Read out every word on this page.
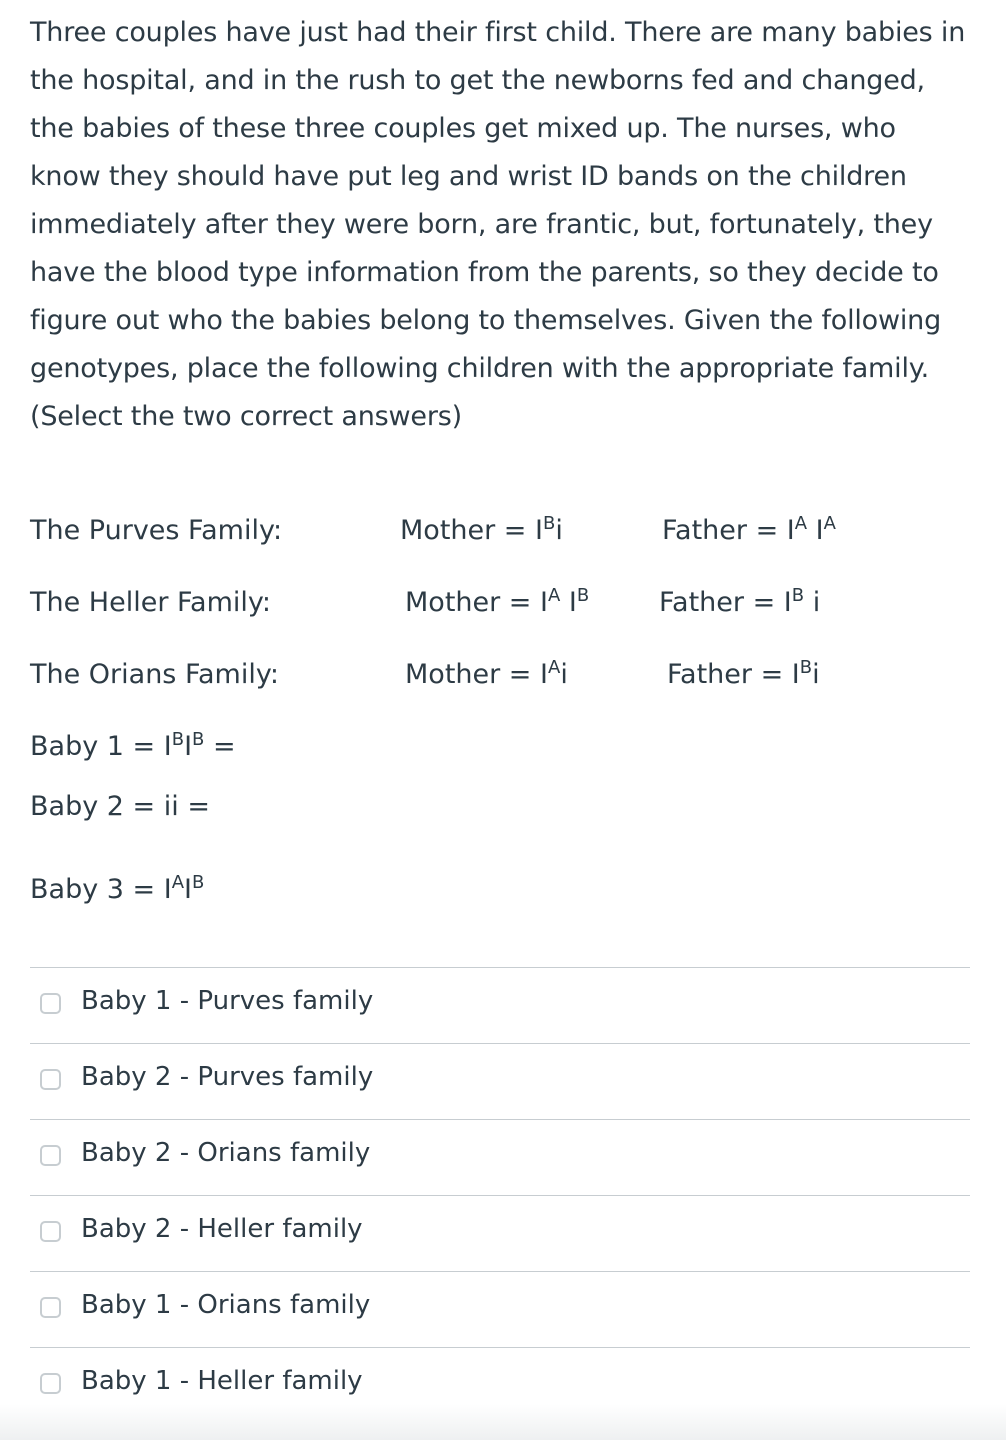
Three couples have just had their first child. There are many babies in the hospital, and in the rush to get the newborns fed and changed, the babies of these three couples get mixed up. The nurses, who know they should have put leg and wrist ID bands on the children immediately after they were born, are frantic, but, fortunately, they have the blood type information from the parents, so they decide to figure out who the babies belong to themselves. Given the following genotypes, place the following children with the appropriate family. (Select the two correct answers)
The Purves Family:	Mother = $I^Bi$	Father = $I^A$ $I^A$
The Heller Family:	Mother = $I^A$ $I^B$	Father = $I^B$ i
The Orians Family:	Mother = $I^Ai$	Father = $I^Bi$
Baby $1 = I^BI^B$ =
Baby 2 = ii =
Baby $3 = I^AI^B$
Baby 1 - Purves family
Baby 2 - Purves family
Baby 2 - Orians family
Baby 2 - Heller family
Baby 1 - Orians family
Baby 1 - Heller family
